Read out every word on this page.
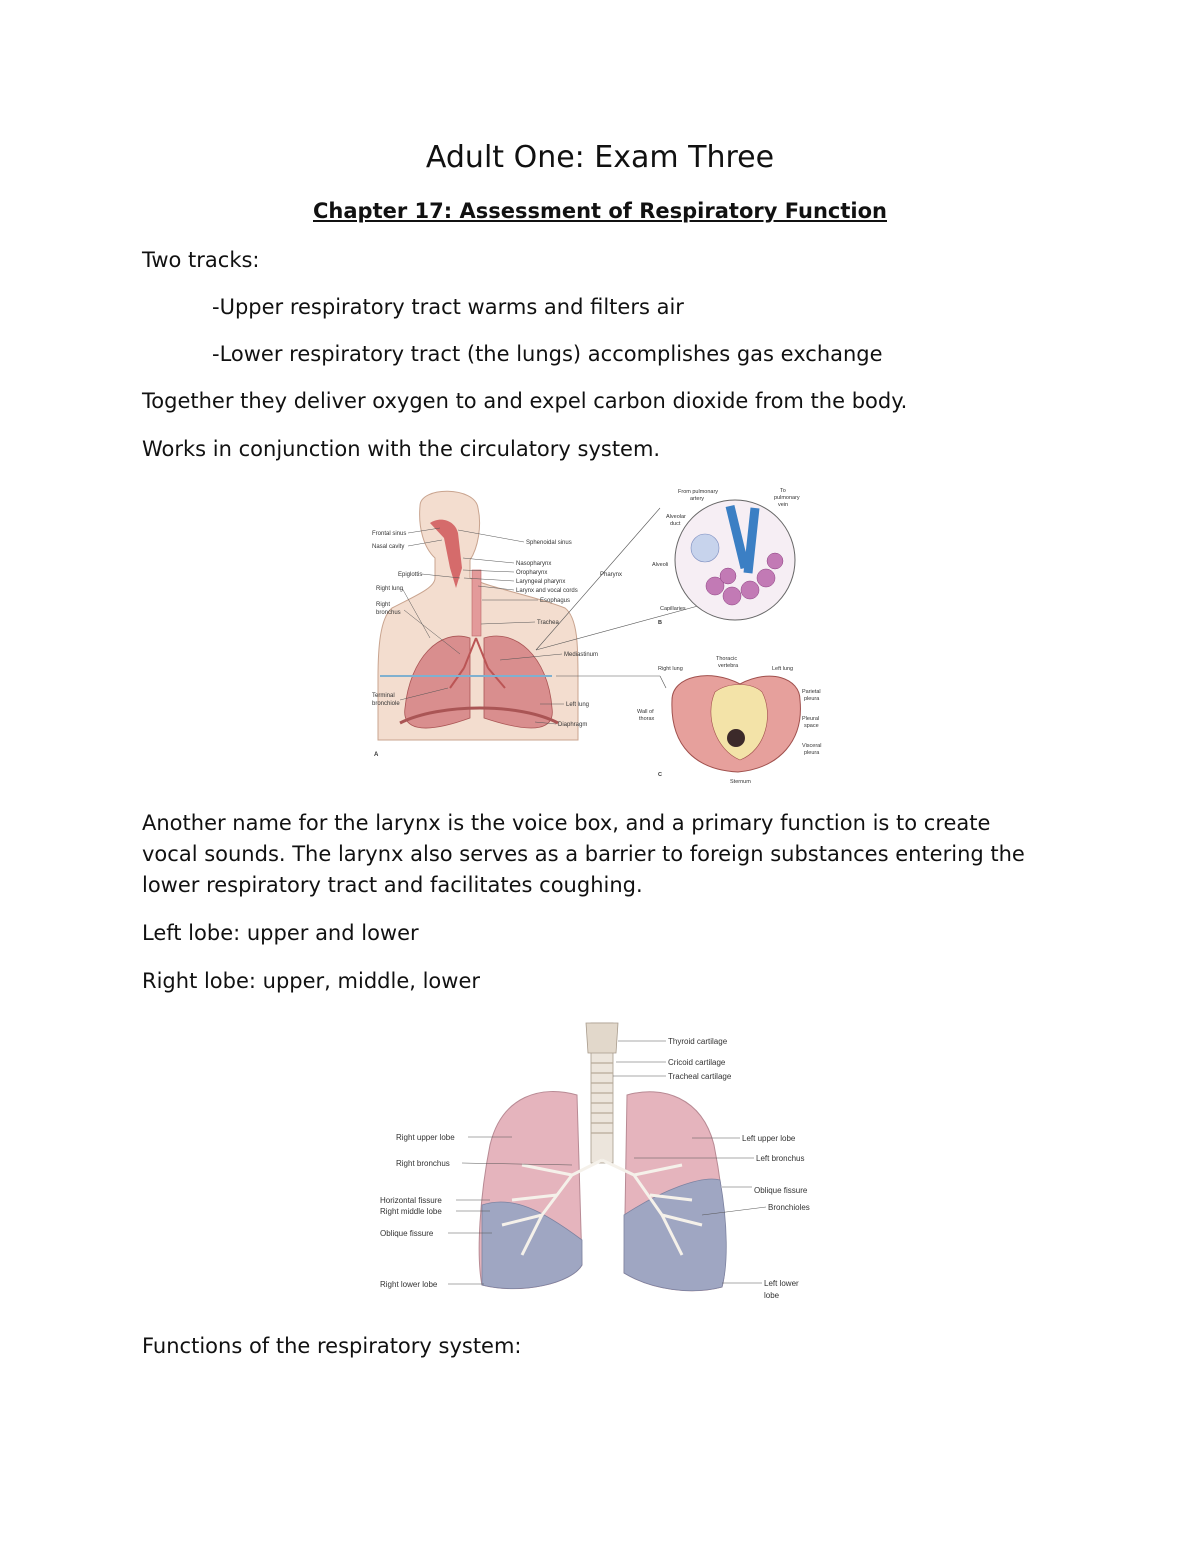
Adult One: Exam Three
Chapter 17: Assessment of Respiratory Function

Two tracks:

-Upper respiratory tract warms and filters air

-Lower respiratory tract (the lungs) accomplishes gas exchange

Together they deliver oxygen to and expel carbon dioxide from the body.

Works in conjunction with the circulatory system.

Frontal sinus
Nasal cavity
Epiglottis
Right lung
Right
bronchus
Terminal
bronchiole
Sphenoidal sinus
Nasopharynx
Oropharynx
Laryngeal pharynx
Larynx and vocal cords
Esophagus
Trachea
Mediastinum
Left lung
Diaphragm
Pharynx
A
From pulmonary
artery
To
pulmonary
vein
Alveolar
duct
Alveoli
Capillaries
B
Right lung
Thoracic
vertebra	Left lung
Wall of
thorax
Parietal
pleura
Pleural
space
Visceral
pleura
Sternum
C

Another name for the larynx is the voice box, and a primary function is to create vocal sounds. The larynx also serves as a barrier to foreign substances entering the lower respiratory tract and facilitates coughing.

Left lobe: upper and lower

Right lobe: upper, middle, lower

Right upper lobe
Right bronchus
Horizontal fissure
Right middle lobe
Oblique fissure
Right lower lobe
Thyroid cartilage
Cricoid cartilage
Tracheal cartilage
Left upper lobe
Left bronchus
Oblique fissure
Bronchioles
Left lower
lobe

Functions of the respiratory system:
